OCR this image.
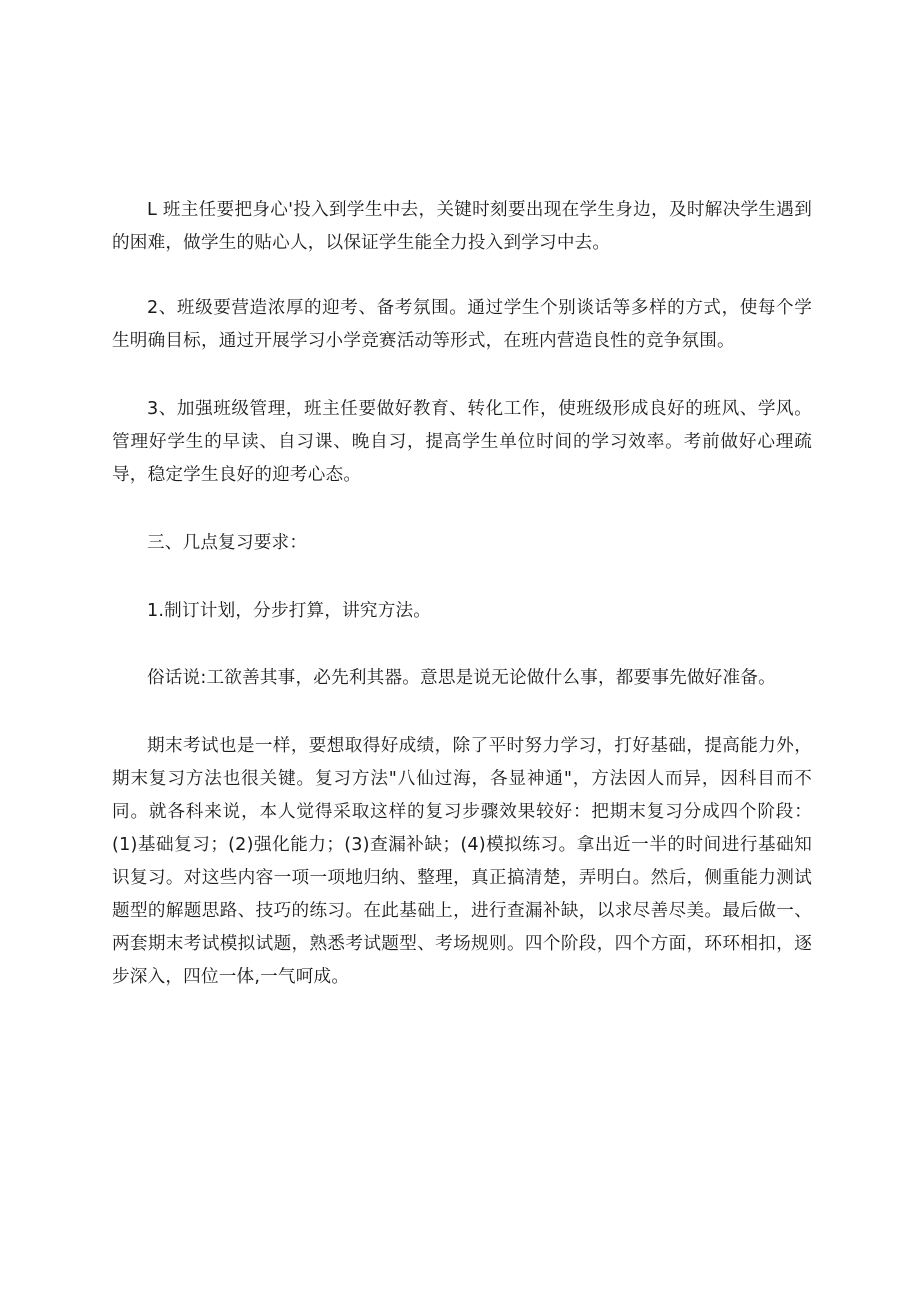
L 班主任要把身心'投入到学生中去，关键时刻要出现在学生身边，及时解决学生遇到的困难，做学生的贴心人，以保证学生能全力投入到学习中去。

2、班级要营造浓厚的迎考、备考氛围。通过学生个别谈话等多样的方式，使每个学生明确目标，通过开展学习小学竞赛活动等形式，在班内营造良性的竞争氛围。

3、加强班级管理，班主任要做好教育、转化工作，使班级形成良好的班风、学风。管理好学生的早读、自习课、晚自习，提高学生单位时间的学习效率。考前做好心理疏导，稳定学生良好的迎考心态。

三、几点复习要求：

1.制订计划，分步打算，讲究方法。

俗话说:工欲善其事，必先利其器。意思是说无论做什么事，都要事先做好准备。

期末考试也是一样，要想取得好成绩，除了平时努力学习，打好基础，提高能力外，期末复习方法也很关键。复习方法"八仙过海，各显神通"，方法因人而异，因科目而不同。就各科来说，本人觉得采取这样的复习步骤效果较好：把期末复习分成四个阶段：(1)基础复习；(2)强化能力；(3)查漏补缺；(4)模拟练习。拿出近一半的时间进行基础知识复习。对这些内容一项一项地归纳、整理，真正搞清楚，弄明白。然后，侧重能力测试题型的解题思路、技巧的练习。在此基础上，进行查漏补缺，以求尽善尽美。最后做一、两套期末考试模拟试题，熟悉考试题型、考场规则。四个阶段，四个方面，环环相扣，逐步深入，四位一体,一气呵成。
